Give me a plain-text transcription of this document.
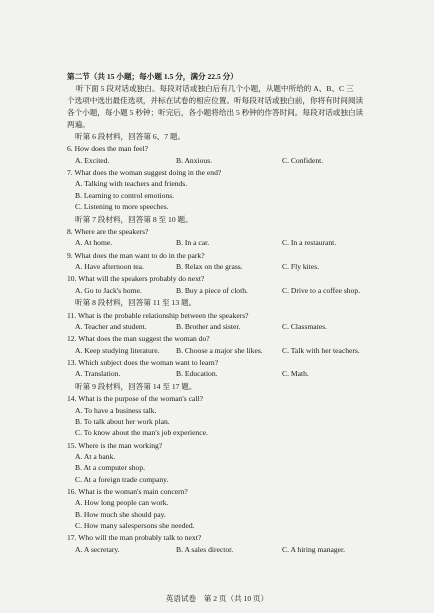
第二节（共 15 小题；每小题 1.5 分，满分 22.5 分）
听下面 5 段对话或独白。每段对话或独白后有几个小题，从题中所给的 A、B、C 三
个选项中选出最佳选项，并标在试卷的相应位置。听每段对话或独白前，你将有时间阅读
各个小题，每小题 5 秒钟；听完后，各小题将给出 5 秒钟的作答时间。每段对话或独白读
两遍。
听第 6 段材料，回答第 6、7 题。
6. How does the man feel?
A. Excited.	B. Anxious.	C. Confident.
7. What does the woman suggest doing in the end?
A. Talking with teachers and friends.
B. Learning to control emotions.
C. Listening to more speeches.
听第 7 段材料，回答第 8 至 10 题。
8. Where are the speakers?
A. At home.	B. In a car.	C. In a restaurant.
9. What does the man want to do in the park?
A. Have afternoon tea.	B. Relax on the grass.	C. Fly kites.
10. What will the speakers probably do next?
A. Go to Jack's home.	B. Buy a piece of cloth.	C. Drive to a coffee shop.
听第 8 段材料，回答第 11 至 13 题。
11. What is the probable relationship between the speakers?
A. Teacher and student.	B. Brother and sister.	C. Classmates.
12. What does the man suggest the woman do?
A. Keep studying literature. B. Choose a major she likes.	C. Talk with her teachers.
13. Which subject does the woman want to learn?
A. Translation.	B. Education.	C. Math.
听第 9 段材料，回答第 14 至 17 题。
14. What is the purpose of the woman's call?
A. To have a business talk.
B. To talk about her work plan.
C. To know about the man's job experience.
15. Where is the man working?
A. At a bank.
B. At a computer shop.
C. At a foreign trade company.
16. What is the woman's main concern?
A. How long people can work.
B. How much she should pay.
C. How many salespersons she needed.
17. Who will the man probably talk to next?
A. A secretary.	B. A sales director.	C. A hiring manager.
英语试卷　第 2 页（共 10 页）
